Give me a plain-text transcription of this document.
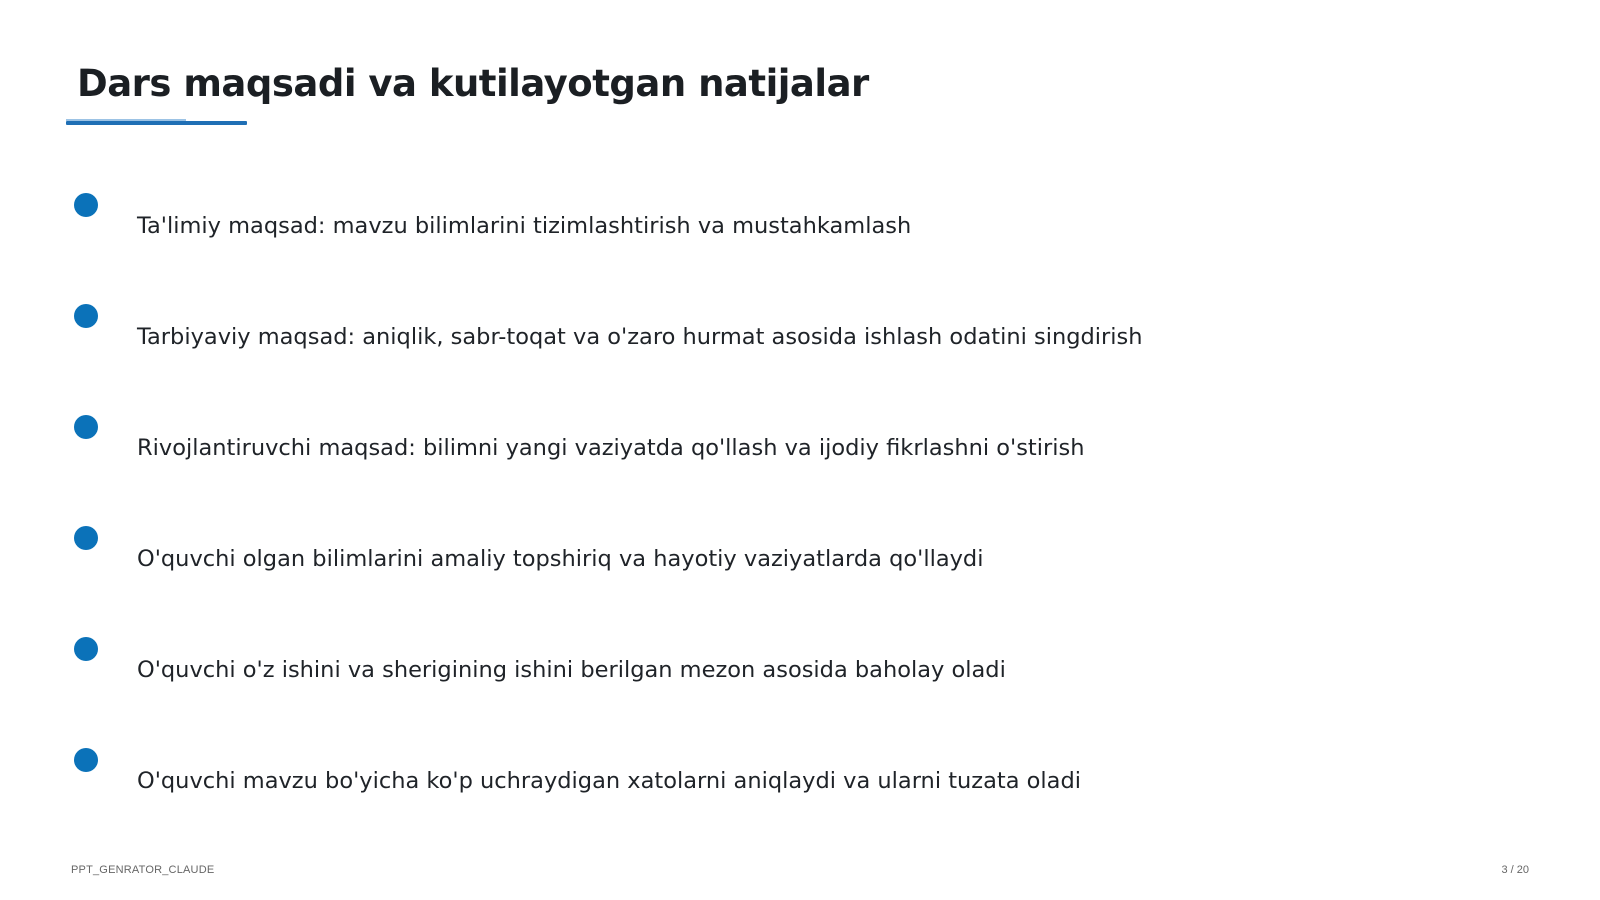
Dars maqsadi va kutilayotgan natijalar
Ta'limiy maqsad: mavzu bilimlarini tizimlashtirish va mustahkamlash
Tarbiyaviy maqsad: aniqlik, sabr-toqat va o'zaro hurmat asosida ishlash odatini singdirish
Rivojlantiruvchi maqsad: bilimni yangi vaziyatda qo'llash va ijodiy fikrlashni o'stirish
O'quvchi olgan bilimlarini amaliy topshiriq va hayotiy vaziyatlarda qo'llaydi
O'quvchi o'z ishini va sherigining ishini berilgan mezon asosida baholay oladi
O'quvchi mavzu bo'yicha ko'p uchraydigan xatolarni aniqlaydi va ularni tuzata oladi
PPT_GENRATOR_CLAUDE	3 / 20
